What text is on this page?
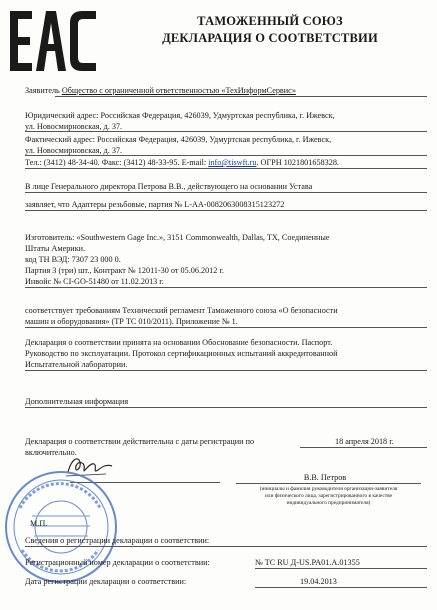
ТАМОЖЕННЫЙ СОЮЗ
ДЕКЛАРАЦИЯ О СООТВЕТСТВИИ
Заявитель Общество с ограниченной ответственностью «ТехИнформСервис»
Юридический адрес: Российская Федерация, 426039, Удмуртская республика, г. Ижевск,
ул. Новосмирновская, д. 37.
Фактический адрес: Российская Федерация, 426039, Удмуртская республика, г. Ижевск,
ул. Новосмирновская, д. 37.
Тел.: (3412) 48-34-40. Факс: (3412) 48-33-95. E-mail: info@tiswft.ru. ОГРН 1021801658328.
В лице Генерального директора Петрова В.В., действующего на основании Устава
заявляет, что Адаптеры резьбовые, партия № L-AA-0082063008315123272
Изготовитель: «Southwestern Gage Inc.», 3151 Commonwealth, Dallas, TX, Соединенные
Штаты Америки.
код ТН ВЭД: 7307 23 000 0.
Партия 3 (три) шт., Контракт № 12011-30 от 05.06.2012 г.
Инвойс № CI-GO-51480 от 11.02.2013 г.
соответствует требованиям Технический регламент Таможенного союза «О безопасности
машин и оборудования» (ТР ТС 010/2011). Приложение № 1.
Декларация о соответствии принята на основании Обоснование безопасности. Паспорт.
Руководство по эксплуатации. Протокол сертификационных испытаний аккредитованной
Испытательной лаборатории.
Дополнительная информация
Декларация о соответствии действительна с даты регистрации по	18 апреля 2018 г.
включительно.
В.В. Петров
(инициалы и фамилия руководителя организации-заявителя
или физического лица, зарегистрированного в качестве
индивидуального предпринимателя)
М.П.
Сведения о регистрации декларации о соответствии:
Регистрационный номер декларации о соответствии:	№ TC RU Д-US.PA01.A.01355
Дата регистрации декларации о соответствии:	19.04.2013
